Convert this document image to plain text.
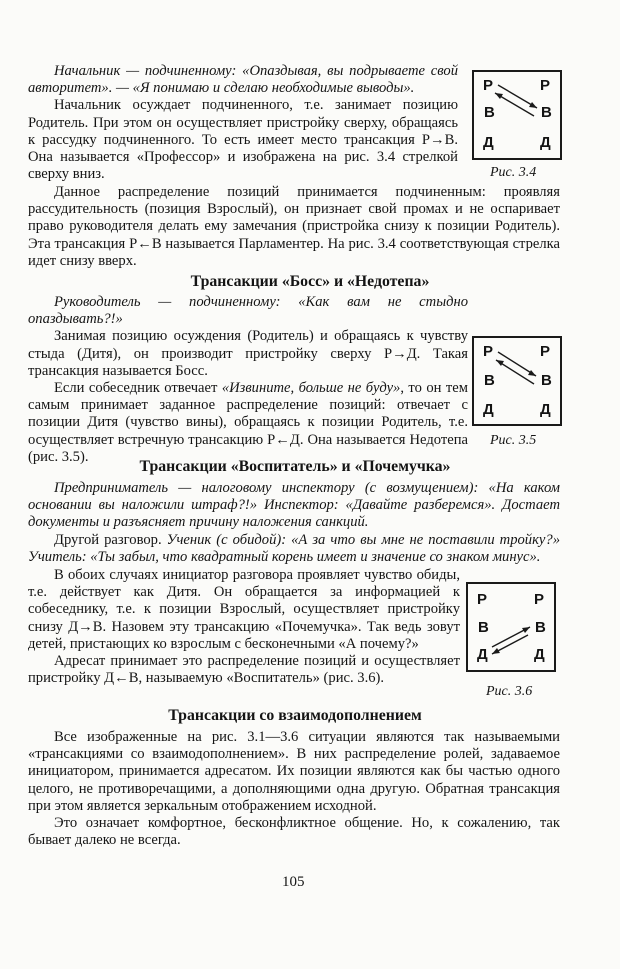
Начальник — подчиненному: «Опаздывая, вы подрываете свой авторитет». — «Я понимаю и сделаю необходимые выводы».

Начальник осуждает подчиненного, т.е. занимает позицию Родитель. При этом он осуществляет пристройку сверху, обращаясь к рассудку подчиненного. То есть имеет место трансакция Р→В. Она называется «Профессор» и изображена на рис. 3.4 стрелкой сверху вниз.

Данное распределение позиций принимается подчиненным: проявляя рассудительность (позиция Взрослый), он признает свой промах и не оспаривает право руководителя делать ему замечания (пристройка снизу к позиции Родитель). Эта трансакция Р←В называется Парламентер. На рис. 3.4 соответствующая стрелка идет снизу вверх.

Р
В
Д
Р
В
Д
Рис. 3.4
Трансакции «Босс» и «Недотепа»

Руководитель — подчиненному: «Как вам не стыдно опаздывать?!»

Занимая позицию осуждения (Родитель) и обращаясь к чувству стыда (Дитя), он производит пристройку сверху Р→Д. Такая трансакция называется Босс.

Если собеседник отвечает «Извините, больше не буду», то он тем самым принимает заданное распределение позиций: отвечает с позиции Дитя (чувство вины), обращаясь к позиции Родитель, т.е. осуществляет встречную трансакцию Р←Д. Она называется Недотепа (рис. 3.5).

Р
В
Д
Р
В
Д
Рис. 3.5
Трансакции «Воспитатель» и «Почемучка»

Предприниматель — налоговому инспектору (с возмущением): «На каком основании вы наложили штраф?!» Инспектор: «Давайте разберемся». Достает документы и разъясняет причину наложения санкций.

Другой разговор. Ученик (с обидой): «А за что вы мне не поставили тройку?» Учитель: «Ты забыл, что квадратный корень имеет и значение со знаком минус».

В обоих случаях инициатор разговора проявляет чувство обиды, т.е. действует как Дитя. Он обращается за информацией к собеседнику, т.е. к позиции Взрослый, осуществляет пристройку снизу Д→В. Назовем эту трансакцию «Почемучка». Так ведь зовут детей, пристающих ко взрослым с бесконечными «А почему?»

Адресат принимает это распределение позиций и осуществляет пристройку Д←В, называемую «Воспитатель» (рис. 3.6).

Р
В
Д
Р
В
Д
Рис. 3.6
Трансакции со взаимодополнением

Все изображенные на рис. 3.1—3.6 ситуации являются так называемыми «трансакциями со взаимодополнением». В них распределение ролей, задаваемое инициатором, принимается адресатом. Их позиции являются как бы частью одного целого, не противоречащими, а дополняющими одна другую. Обратная трансакция при этом является зеркальным отображением исходной.

Это означает комфортное, бесконфликтное общение. Но, к сожалению, так бывает далеко не всегда.

105
